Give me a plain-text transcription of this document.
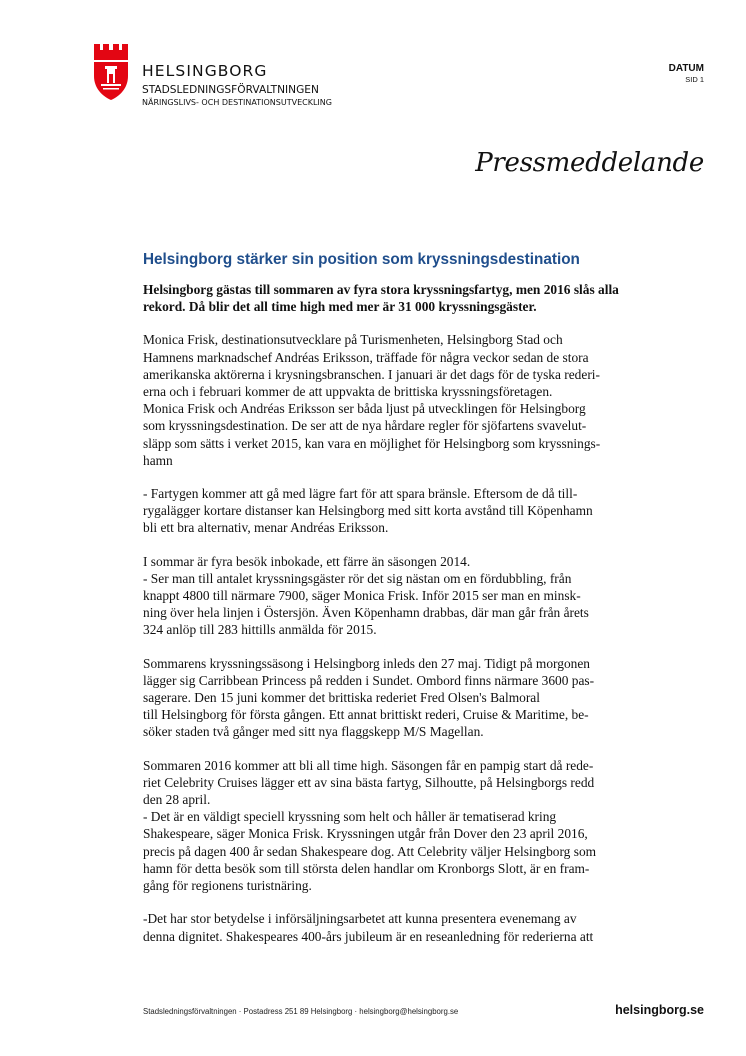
HELSINGBORG
STADSLEDNINGSFÖRVALTNINGEN
NÄRINGSLIVS- OCH DESTINATIONSUTVECKLING
DATUM
SID 1
Pressmeddelande
Helsingborg stärker sin position som kryssningsdestination

Helsingborg gästas till sommaren av fyra stora kryssningsfartyg, men 2016 slås alla
rekord. Då blir det all time high med mer är 31 000 kryssningsgäster.

Monica Frisk, destinationsutvecklare på Turismenheten, Helsingborg Stad och
Hamnens marknadschef Andréas Eriksson, träffade för några veckor sedan de stora
amerikanska aktörerna i krysningsbranschen. I januari är det dags för de tyska rederi-
erna och i februari kommer de att uppvakta de brittiska kryssningsföretagen.
Monica Frisk och Andréas Eriksson ser båda ljust på utvecklingen för Helsingborg
som kryssningsdestination. De ser att de nya hårdare regler för sjöfartens svavelut-
släpp som sätts i verket 2015, kan vara en möjlighet för Helsingborg som kryssnings-
hamn

- Fartygen kommer att gå med lägre fart för att spara bränsle. Eftersom de då till-
rygalägger kortare distanser kan Helsingborg med sitt korta avstånd till Köpenhamn
bli ett bra alternativ, menar Andréas Eriksson.

I sommar är fyra besök inbokade, ett färre än säsongen 2014.
- Ser man till antalet kryssningsgäster rör det sig nästan om en fördubbling, från
knappt 4800 till närmare 7900, säger Monica Frisk. Inför 2015 ser man en minsk-
ning över hela linjen i Östersjön. Även Köpenhamn drabbas, där man går från årets
324 anlöp till 283 hittills anmälda för 2015.

Sommarens kryssningssäsong i Helsingborg inleds den 27 maj. Tidigt på morgonen
lägger sig Carribbean Princess på redden i Sundet. Ombord finns närmare 3600 pas-
sagerare. Den 15 juni kommer det brittiska rederiet Fred Olsen's Balmoral
till Helsingborg för första gången. Ett annat brittiskt rederi, Cruise & Maritime, be-
söker staden två gånger med sitt nya flaggskepp M/S Magellan.

Sommaren 2016 kommer att bli all time high. Säsongen får en pampig start då rede-
riet Celebrity Cruises lägger ett av sina bästa fartyg, Silhoutte, på Helsingborgs redd
den 28 april.
- Det är en väldigt speciell kryssning som helt och håller är tematiserad kring
Shakespeare, säger Monica Frisk. Kryssningen utgår från Dover den 23 april 2016,
precis på dagen 400 år sedan Shakespeare dog. Att Celebrity väljer Helsingborg som
hamn för detta besök som till största delen handlar om Kronborgs Slott, är en fram-
gång för regionens turistnäring.

-Det har stor betydelse i införsäljningsarbetet att kunna presentera evenemang av
denna dignitet. Shakespeares 400-års jubileum är en reseanledning för rederierna att

Stadsledningsförvaltningen · Postadress 251 89 Helsingborg · helsingborg@helsingborg.se	helsingborg.se
